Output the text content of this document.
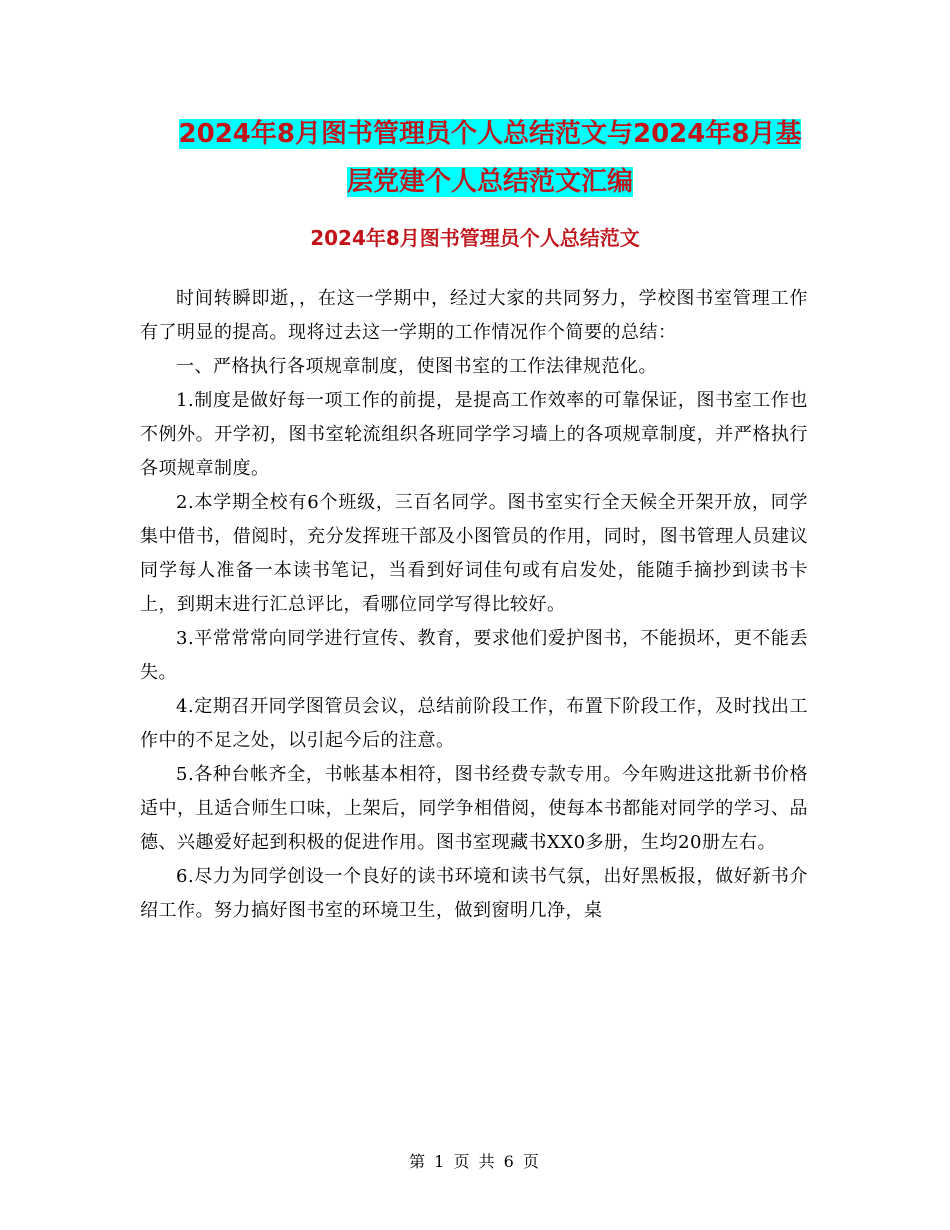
2024年8月图书管理员个人总结范文与2024年8月基
层党建个人总结范文汇编
2024年8月图书管理员个人总结范文

时间转瞬即逝，，在这一学期中，经过大家的共同努力，学校图书室管理工作有了明显的提高。现将过去这一学期的工作情况作个简要的总结：

一、严格执行各项规章制度，使图书室的工作法律规范化。

1.制度是做好每一项工作的前提，是提高工作效率的可靠保证，图书室工作也不例外。开学初，图书室轮流组织各班同学学习墙上的各项规章制度，并严格执行各项规章制度。

2.本学期全校有6个班级，三百名同学。图书室实行全天候全开架开放，同学集中借书，借阅时，充分发挥班干部及小图管员的作用，同时，图书管理人员建议同学每人准备一本读书笔记，当看到好词佳句或有启发处，能随手摘抄到读书卡上，到期末进行汇总评比，看哪位同学写得比较好。

3.平常常常向同学进行宣传、教育，要求他们爱护图书，不能损坏，更不能丢失。

4.定期召开同学图管员会议，总结前阶段工作，布置下阶段工作，及时找出工作中的不足之处，以引起今后的注意。

5.各种台帐齐全，书帐基本相符，图书经费专款专用。今年购进这批新书价格适中，且适合师生口味，上架后，同学争相借阅，使每本书都能对同学的学习、品德、兴趣爱好起到积极的促进作用。图书室现藏书XX0多册，生均20册左右。

6.尽力为同学创设一个良好的读书环境和读书气氛，出好黑板报，做好新书介绍工作。努力搞好图书室的环境卫生，做到窗明几净，桌

第 1 页 共 6 页
